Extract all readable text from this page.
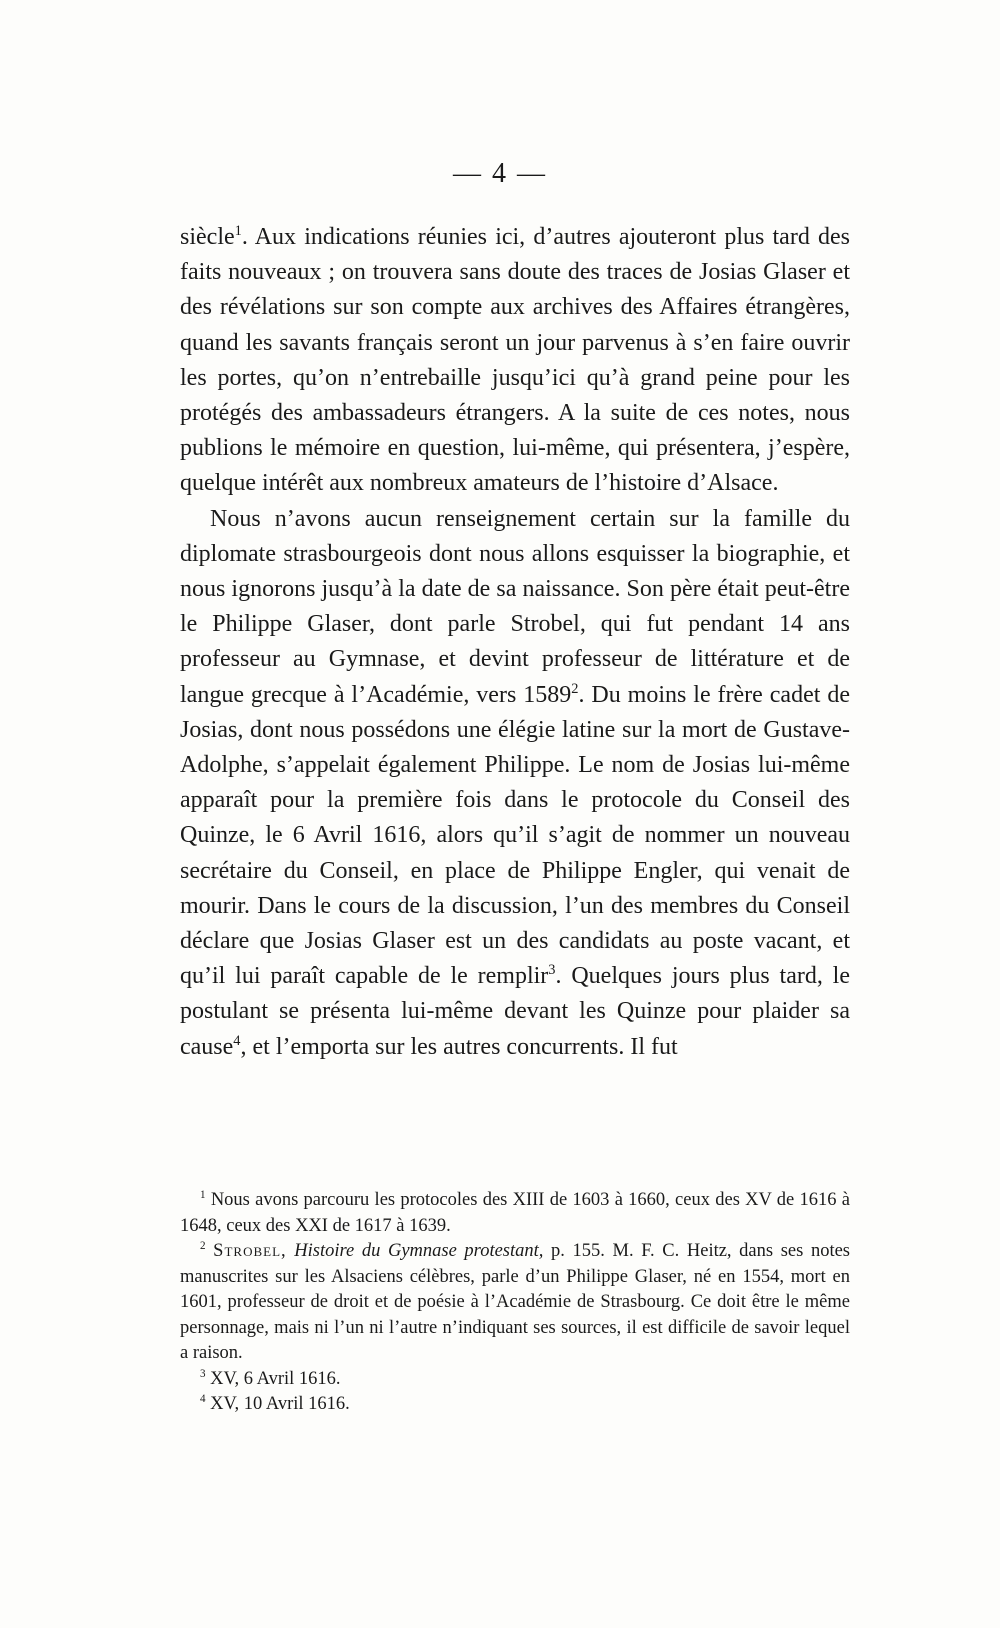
— 4 —

siècle$^1$. Aux indications réunies ici, d’autres ajouteront plus tard des faits nouveaux ; on trouvera sans doute des traces de Josias Glaser et des révélations sur son compte aux archives des Affaires étrangères, quand les savants français seront un jour parvenus à s’en faire ouvrir les portes, qu’on n’entrebaille jusqu’ici qu’à grand peine pour les protégés des ambassadeurs étrangers. A la suite de ces notes, nous publions le mémoire en question, lui-même, qui présentera, j’espère, quelque intérêt aux nombreux amateurs de l’histoire d’Alsace.

Nous n’avons aucun renseignement certain sur la famille du diplomate strasbourgeois dont nous allons esquisser la biographie, et nous ignorons jusqu’à la date de sa naissance. Son père était peut-être le Philippe Glaser, dont parle Strobel, qui fut pendant 14 ans professeur au Gymnase, et devint professeur de littérature et de langue grecque à l’Académie, vers 1589$^2$. Du moins le frère cadet de Josias, dont nous possédons une élégie latine sur la mort de Gustave-Adolphe, s’appelait également Philippe. Le nom de Josias lui-même apparaît pour la première fois dans le protocole du Conseil des Quinze, le 6 Avril 1616, alors qu’il s’agit de nommer un nouveau secrétaire du Conseil, en place de Philippe Engler, qui venait de mourir. Dans le cours de la discussion, l’un des membres du Conseil déclare que Josias Glaser est un des candidats au poste vacant, et qu’il lui paraît capable de le remplir$^3$. Quelques jours plus tard, le postulant se présenta lui-même devant les Quinze pour plaider sa cause$^4$, et l’emporta sur les autres concurrents. Il fut

$^1$ Nous avons parcouru les protocoles des XIII de 1603 à 1660, ceux des XV de 1616 à 1648, ceux des XXI de 1617 à 1639.

$^2$ Strobel, Histoire du Gymnase protestant, p. 155. M. F. C. Heitz, dans ses notes manuscrites sur les Alsaciens célèbres, parle d’un Philippe Glaser, né en 1554, mort en 1601, professeur de droit et de poésie à l’Académie de Strasbourg. Ce doit être le même personnage, mais ni l’un ni l’autre n’indiquant ses sources, il est difficile de savoir lequel a raison.

$^3$ XV, 6 Avril 1616.

$^4$ XV, 10 Avril 1616.
